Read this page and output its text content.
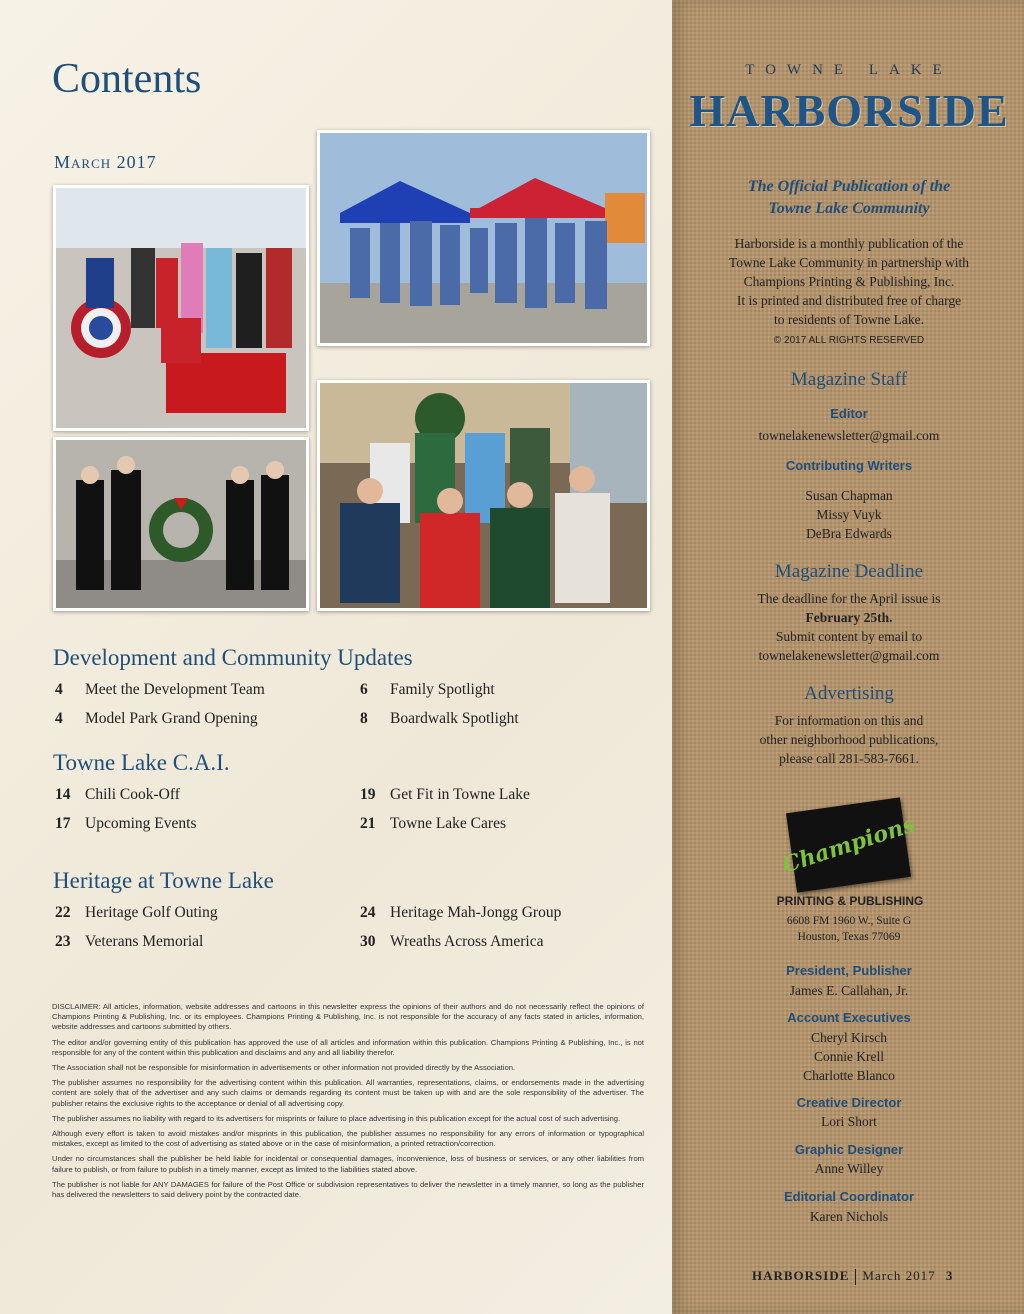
Contents
March 2017
Development and Community Updates
4 Meet the Development Team	6 Family Spotlight
4 Model Park Grand Opening	8 Boardwalk Spotlight
Towne Lake C.A.I.
14 Chili Cook-Off	19 Get Fit in Towne Lake
17 Upcoming Events	21 Towne Lake Cares
Heritage at Towne Lake
22 Heritage Golf Outing	24 Heritage Mah-Jongg Group
23 Veterans Memorial	30 Wreaths Across America

DISCLAIMER: All articles, information, website addresses and cartoons in this newsletter express the opinions of their authors and do not necessarily reflect the opinions of Champions Printing & Publishing, Inc. or its employees. Champions Printing & Publishing, Inc. is not responsible for the accuracy of any facts stated in articles, information, website addresses and cartoons submitted by others.

The editor and/or governing entity of this publication has approved the use of all articles and information within this publication. Champions Printing & Publishing, Inc., is not responsible for any of the content within this publication and disclaims and any and all liability therefor.

The Association shall not be responsible for misinformation in advertisements or other information not provided directly by the Association.

The publisher assumes no responsibility for the advertising content within this publication. All warranties, representations, claims, or endorsements made in the advertising content are solely that of the advertiser and any such claims or demands regarding its content must be taken up with and are the sole responsibility of the advertiser. The publisher retains the exclusive rights to the acceptance or denial of all advertising copy.

The publisher assumes no liability with regard to its advertisers for misprints or failure to place advertising in this publication except for the actual cost of such advertising.

Although every effort is taken to avoid mistakes and/or misprints in this publication, the publisher assumes no responsibility for any errors of information or typographical mistakes, except as limited to the cost of advertising as stated above or in the case of misinformation, a printed retraction/correction.

Under no circumstances shall the publisher be held liable for incidental or consequential damages, inconvenience, loss of business or services, or any other liabilities from failure to publish, or from failure to publish in a timely manner, except as limited to the liabilities stated above.

The publisher is not liable for ANY DAMAGES for failure of the Post Office or subdivision representatives to deliver the newsletter in a timely manner, so long as the publisher has delivered the newsletters to said delivery point by the contracted date.

TOWNE LAKE
HARBORSIDE
The Official Publication of the
Towne Lake Community
Harborside is a monthly publication of the
Towne Lake Community in partnership with
Champions Printing & Publishing, Inc.
It is printed and distributed free of charge
to residents of Towne Lake.
© 2017 ALL RIGHTS RESERVED
Magazine Staff
Editor
townelakenewsletter@gmail.com
Contributing Writers
Susan Chapman
Missy Vuyk
DeBra Edwards
Magazine Deadline
The deadline for the April issue is
February 25th.
Submit content by email to
townelakenewsletter@gmail.com
Advertising
For information on this and
other neighborhood publications,
please call 281-583-7661.
Champions
PRINTING & PUBLISHING
6608 FM 1960 W., Suite G
Houston, Texas 77069
President, Publisher
James E. Callahan, Jr.
Account Executives
Cheryl Kirsch
Connie Krell
Charlotte Blanco
Creative Director
Lori Short
Graphic Designer
Anne Willey
Editorial Coordinator
Karen Nichols
HARBORSIDE March 2017 3
